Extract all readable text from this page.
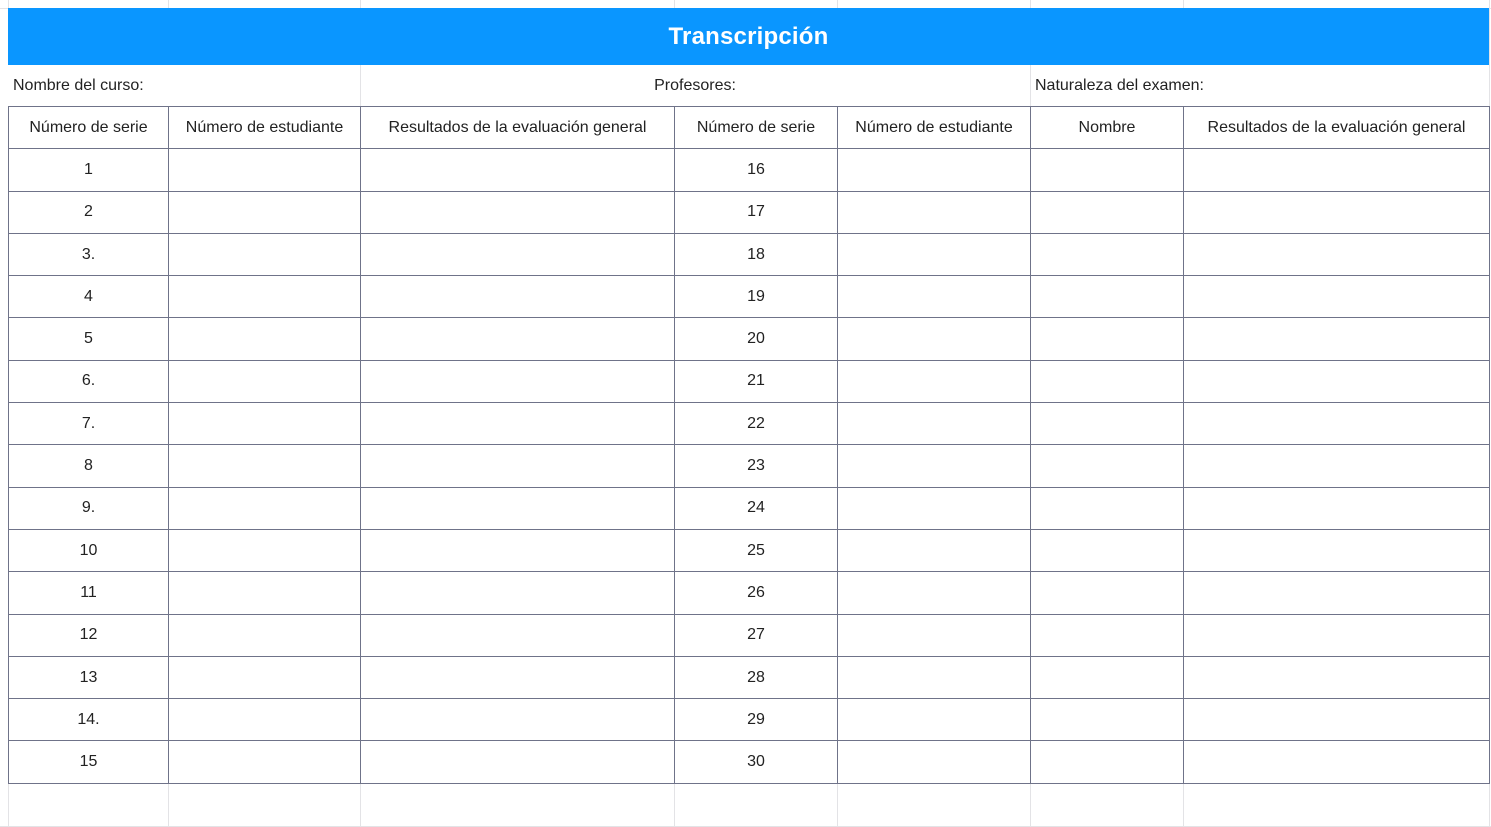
Transcripción
Nombre del curso:	Profesores:	Naturaleza del examen:
Número de serie	Número de estudiante	Resultados de la evaluación general	Número de serie	Número de estudiante	Nombre	Resultados de la evaluación general
1			16			
2			17			
3.			18			
4			19			
5			20			
6.			21			
7.			22			
8			23			
9.			24			
10			25			
11			26			
12			27			
13			28			
14.			29			
15			30			
